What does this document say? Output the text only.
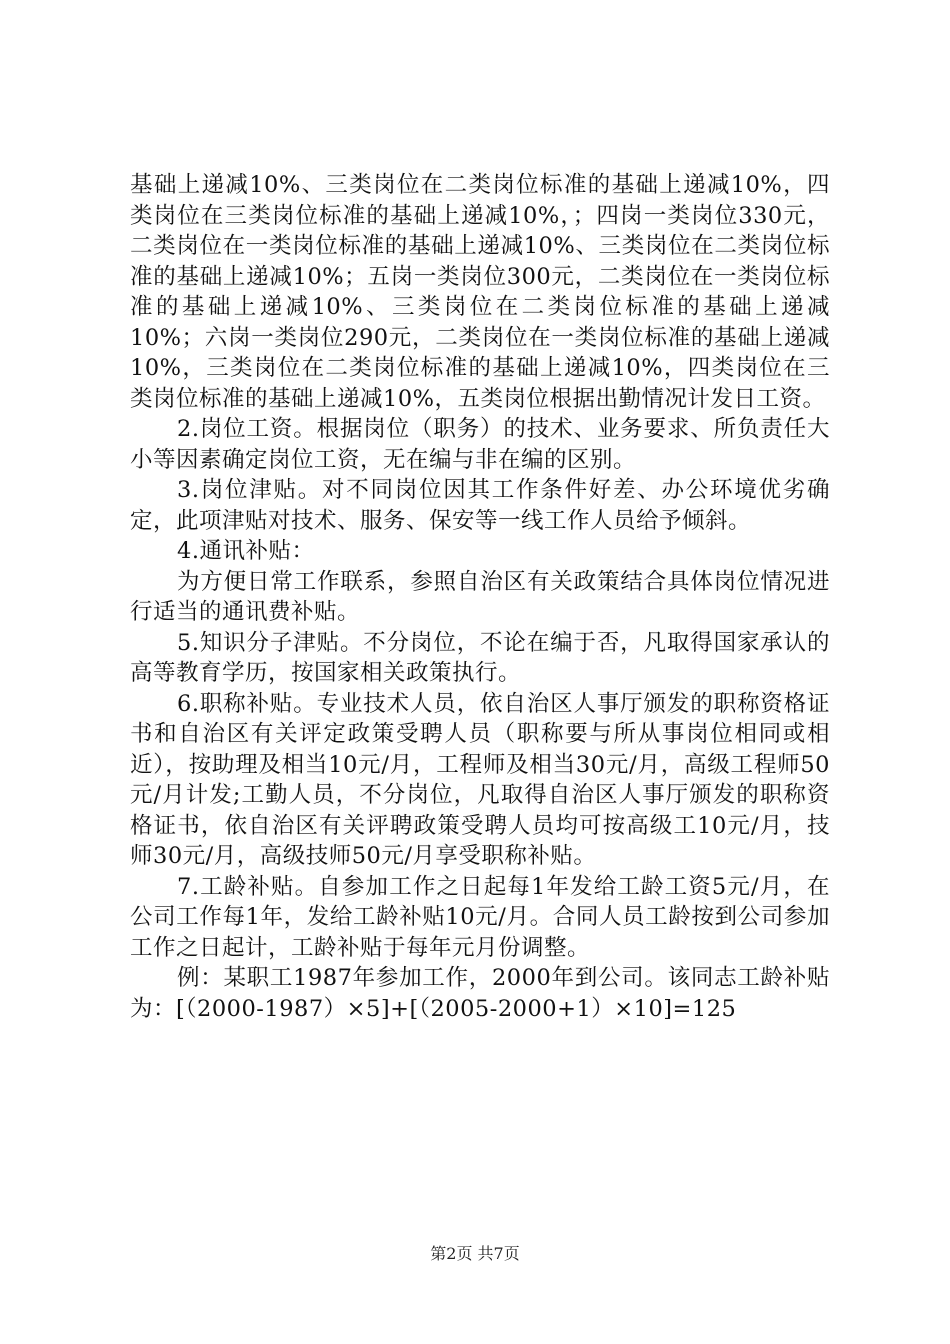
基础上递减10%、三类岗位在二类岗位标准的基础上递减10%，四类岗位在三类岗位标准的基础上递减10%，；四岗一类岗位330元，二类岗位在一类岗位标准的基础上递减10%、三类岗位在二类岗位标准的基础上递减10%；五岗一类岗位300元，二类岗位在一类岗位标准的基础上递减10%、三类岗位在二类岗位标准的基础上递减10%；六岗一类岗位290元，二类岗位在一类岗位标准的基础上递减10%，三类岗位在二类岗位标准的基础上递减10%，四类岗位在三类岗位标准的基础上递减10%，五类岗位根据出勤情况计发日工资。

2.岗位工资。根据岗位（职务）的技术、业务要求、所负责任大小等因素确定岗位工资，无在编与非在编的区别。

3.岗位津贴。对不同岗位因其工作条件好差、办公环境优劣确定，此项津贴对技术、服务、保安等一线工作人员给予倾斜。

4.通讯补贴：

为方便日常工作联系，参照自治区有关政策结合具体岗位情况进行适当的通讯费补贴。

5.知识分子津贴。不分岗位，不论在编于否，凡取得国家承认的高等教育学历，按国家相关政策执行。

6.职称补贴。专业技术人员，依自治区人事厅颁发的职称资格证书和自治区有关评定政策受聘人员（职称要与所从事岗位相同或相近），按助理及相当10元/月，工程师及相当30元/月，高级工程师50元/月计发;工勤人员，不分岗位，凡取得自治区人事厅颁发的职称资格证书，依自治区有关评聘政策受聘人员均可按高级工10元/月，技师30元/月，高级技师50元/月享受职称补贴。

7.工龄补贴。自参加工作之日起每1年发给工龄工资5元/月，在公司工作每1年，发给工龄补贴10元/月。合同人员工龄按到公司参加工作之日起计，工龄补贴于每年元月份调整。

例：某职工1987年参加工作，2000年到公司。该同志工龄补贴为：[（2000-1987）×5]+[（2005-2000+1）×10]=125

第2页 共7页
